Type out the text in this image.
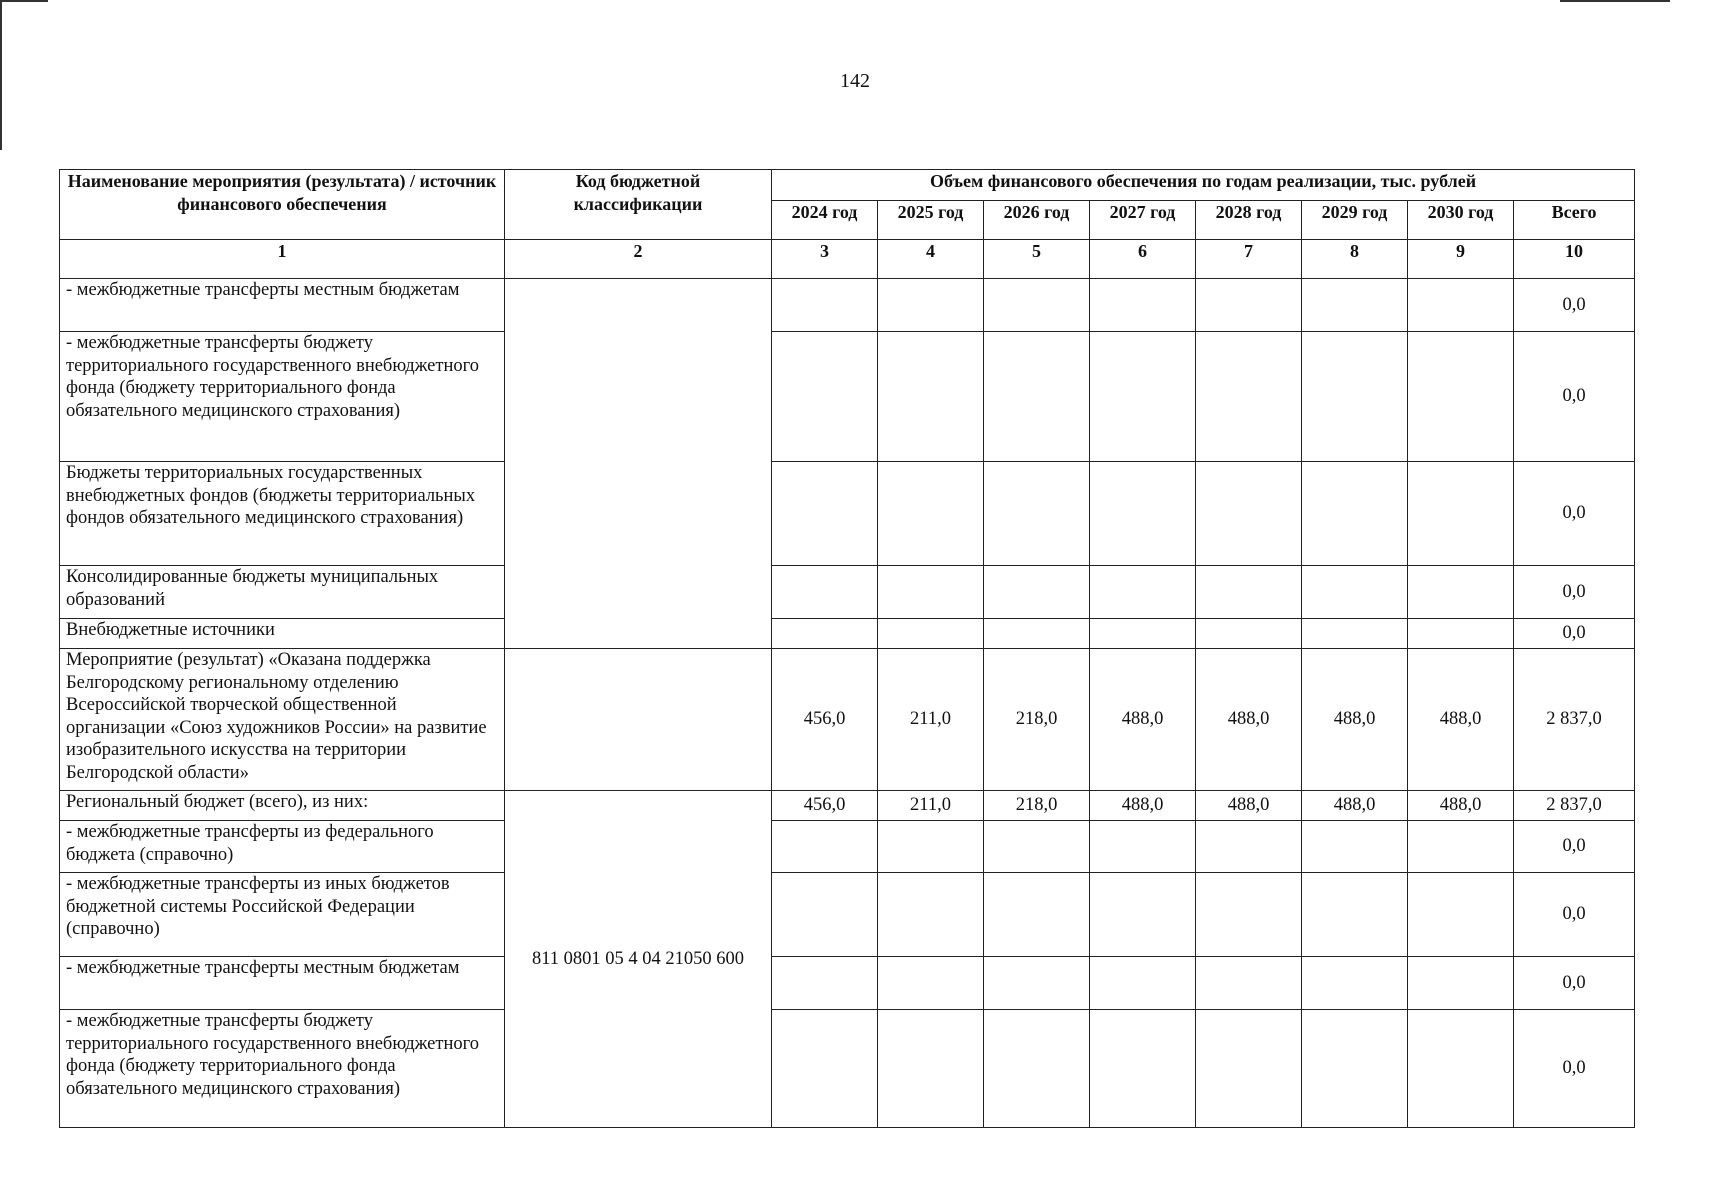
142
Наименование мероприятия (результата) / источник финансового обеспечения	Код бюджетной классификации	Объем финансового обеспечения по годам реализации, тыс. рублей							
		2024 год	2025 год	2026 год	2027 год	2028 год	2029 год	2030 год	Всего
1	2	3	4	5	6	7	8	9	10
- межбюджетные трансферты местным бюджетам									0,0
- межбюджетные трансферты бюджету территориального государственного внебюджетного фонда (бюджету территориального фонда обязательного медицинского страхования)									0,0
Бюджеты территориальных государственных внебюджетных фондов (бюджеты территориальных фондов обязательного медицинского страхования)									0,0
Консолидированные бюджеты муниципальных образований									0,0
Внебюджетные источники									0,0
Мероприятие (результат) «Оказана поддержка Белгородскому региональному отделению Всероссийской творческой общественной организации «Союз художников России» на развитие изобразительного искусства на территории Белгородской области»		456,0	211,0	218,0	488,0	488,0	488,0	488,0	2 837,0
Региональный бюджет (всего), из них:	811 0801 05 4 04 21050 600	456,0	211,0	218,0	488,0	488,0	488,0	488,0	2 837,0
- межбюджетные трансферты из федерального бюджета (справочно)									0,0
- межбюджетные трансферты из иных бюджетов бюджетной системы Российской Федерации (справочно)									0,0
- межбюджетные трансферты местным бюджетам									0,0
- межбюджетные трансферты бюджету территориального государственного внебюджетного фонда (бюджету территориального фонда обязательного медицинского страхования)									0,0
